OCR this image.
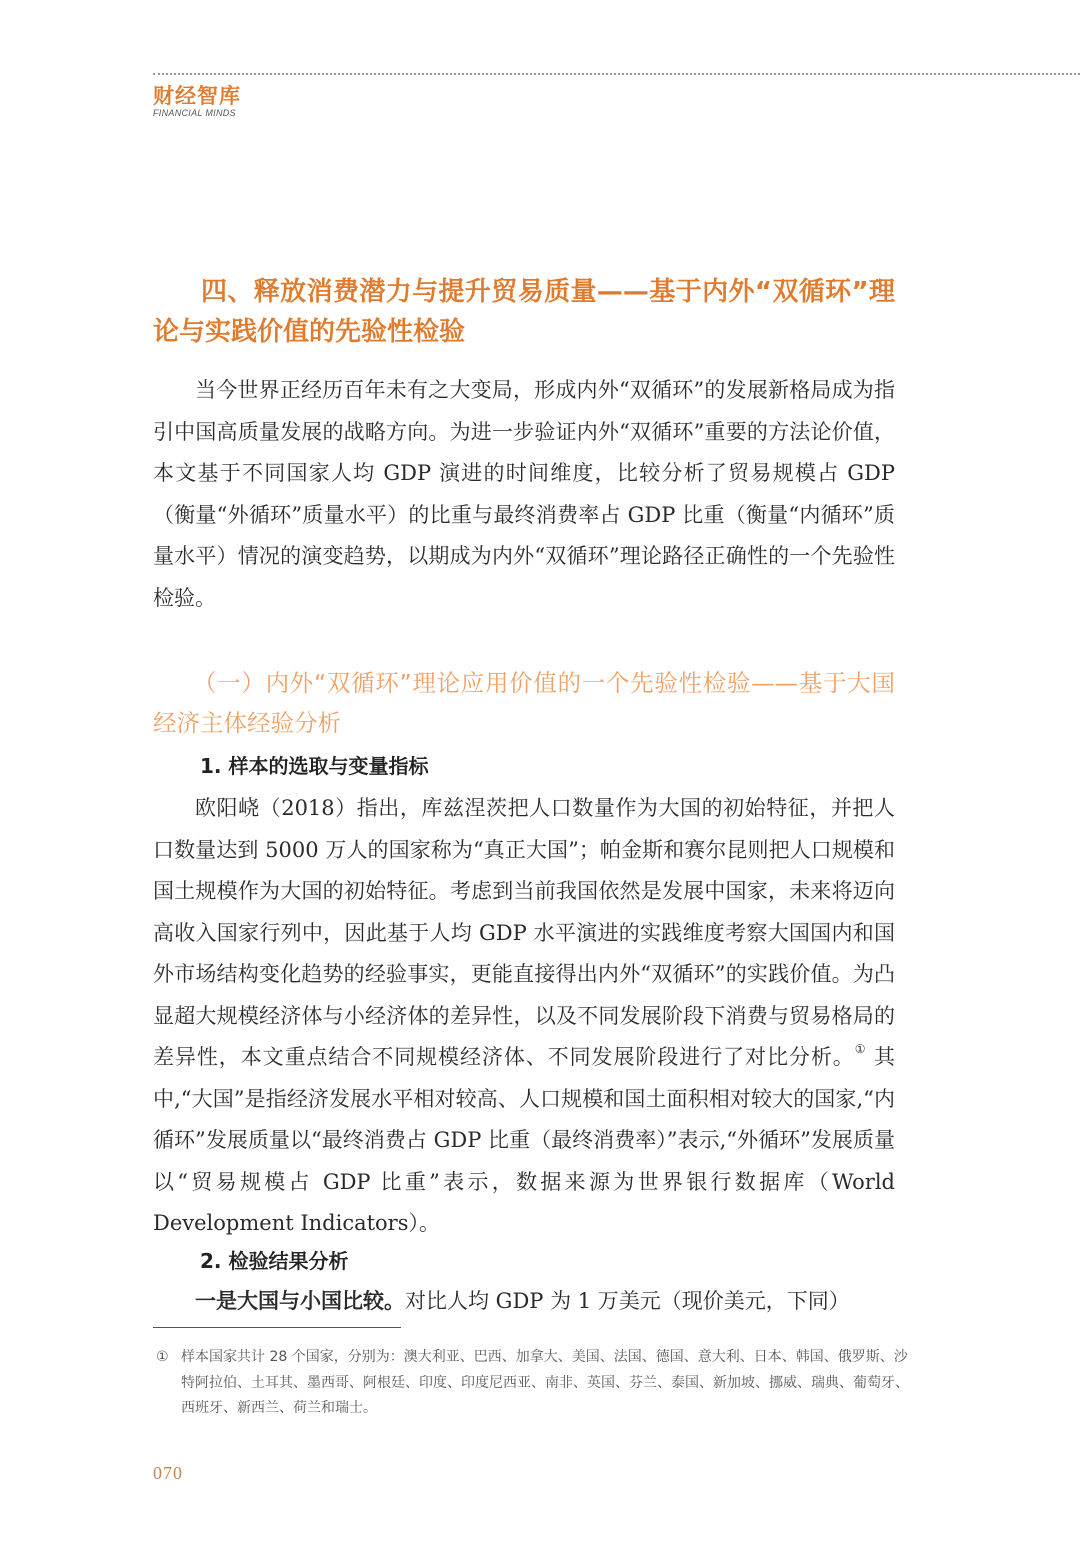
财经智库
FINANCIAL MINDS
四、释放消费潜力与提升贸易质量——基于内外“双循环”理论与实践价值的先验性检验

当今世界正经历百年未有之大变局，形成内外“双循环”的发展新格局成为指引中国高质量发展的战略方向。为进一步验证内外“双循环”重要的方法论价值，本文基于不同国家人均 GDP 演进的时间维度，比较分析了贸易规模占 GDP（衡量“外循环”质量水平）的比重与最终消费率占 GDP 比重（衡量“内循环”质量水平）情况的演变趋势，以期成为内外“双循环”理论路径正确性的一个先验性检验。

（一）内外“双循环”理论应用价值的一个先验性检验——基于大国经济主体经验分析
1. 样本的选取与变量指标

欧阳峣（2018）指出，库兹涅茨把人口数量作为大国的初始特征，并把人口数量达到 5000 万人的国家称为“真正大国”；帕金斯和赛尔昆则把人口规模和国土规模作为大国的初始特征。考虑到当前我国依然是发展中国家，未来将迈向高收入国家行列中，因此基于人均 GDP 水平演进的实践维度考察大国国内和国外市场结构变化趋势的经验事实，更能直接得出内外“双循环”的实践价值。为凸显超大规模经济体与小经济体的差异性，以及不同发展阶段下消费与贸易格局的差异性，本文重点结合不同规模经济体、不同发展阶段进行了对比分析。① 其中,“大国”是指经济发展水平相对较高、人口规模和国土面积相对较大的国家,“内循环”发展质量以“最终消费占 GDP 比重（最终消费率）”表示,“外循环”发展质量以“贸易规模占 GDP 比重”表示，数据来源为世界银行数据库（World Development Indicators）。

2. 检验结果分析

一是大国与小国比较。对比人均 GDP 为 1 万美元（现价美元，下同）

① 样本国家共计 28 个国家，分别为：澳大利亚、巴西、加拿大、美国、法国、德国、意大利、日本、韩国、俄罗斯、沙特阿拉伯、土耳其、墨西哥、阿根廷、印度、印度尼西亚、南非、英国、芬兰、泰国、新加坡、挪威、瑞典、葡萄牙、西班牙、新西兰、荷兰和瑞士。
070
